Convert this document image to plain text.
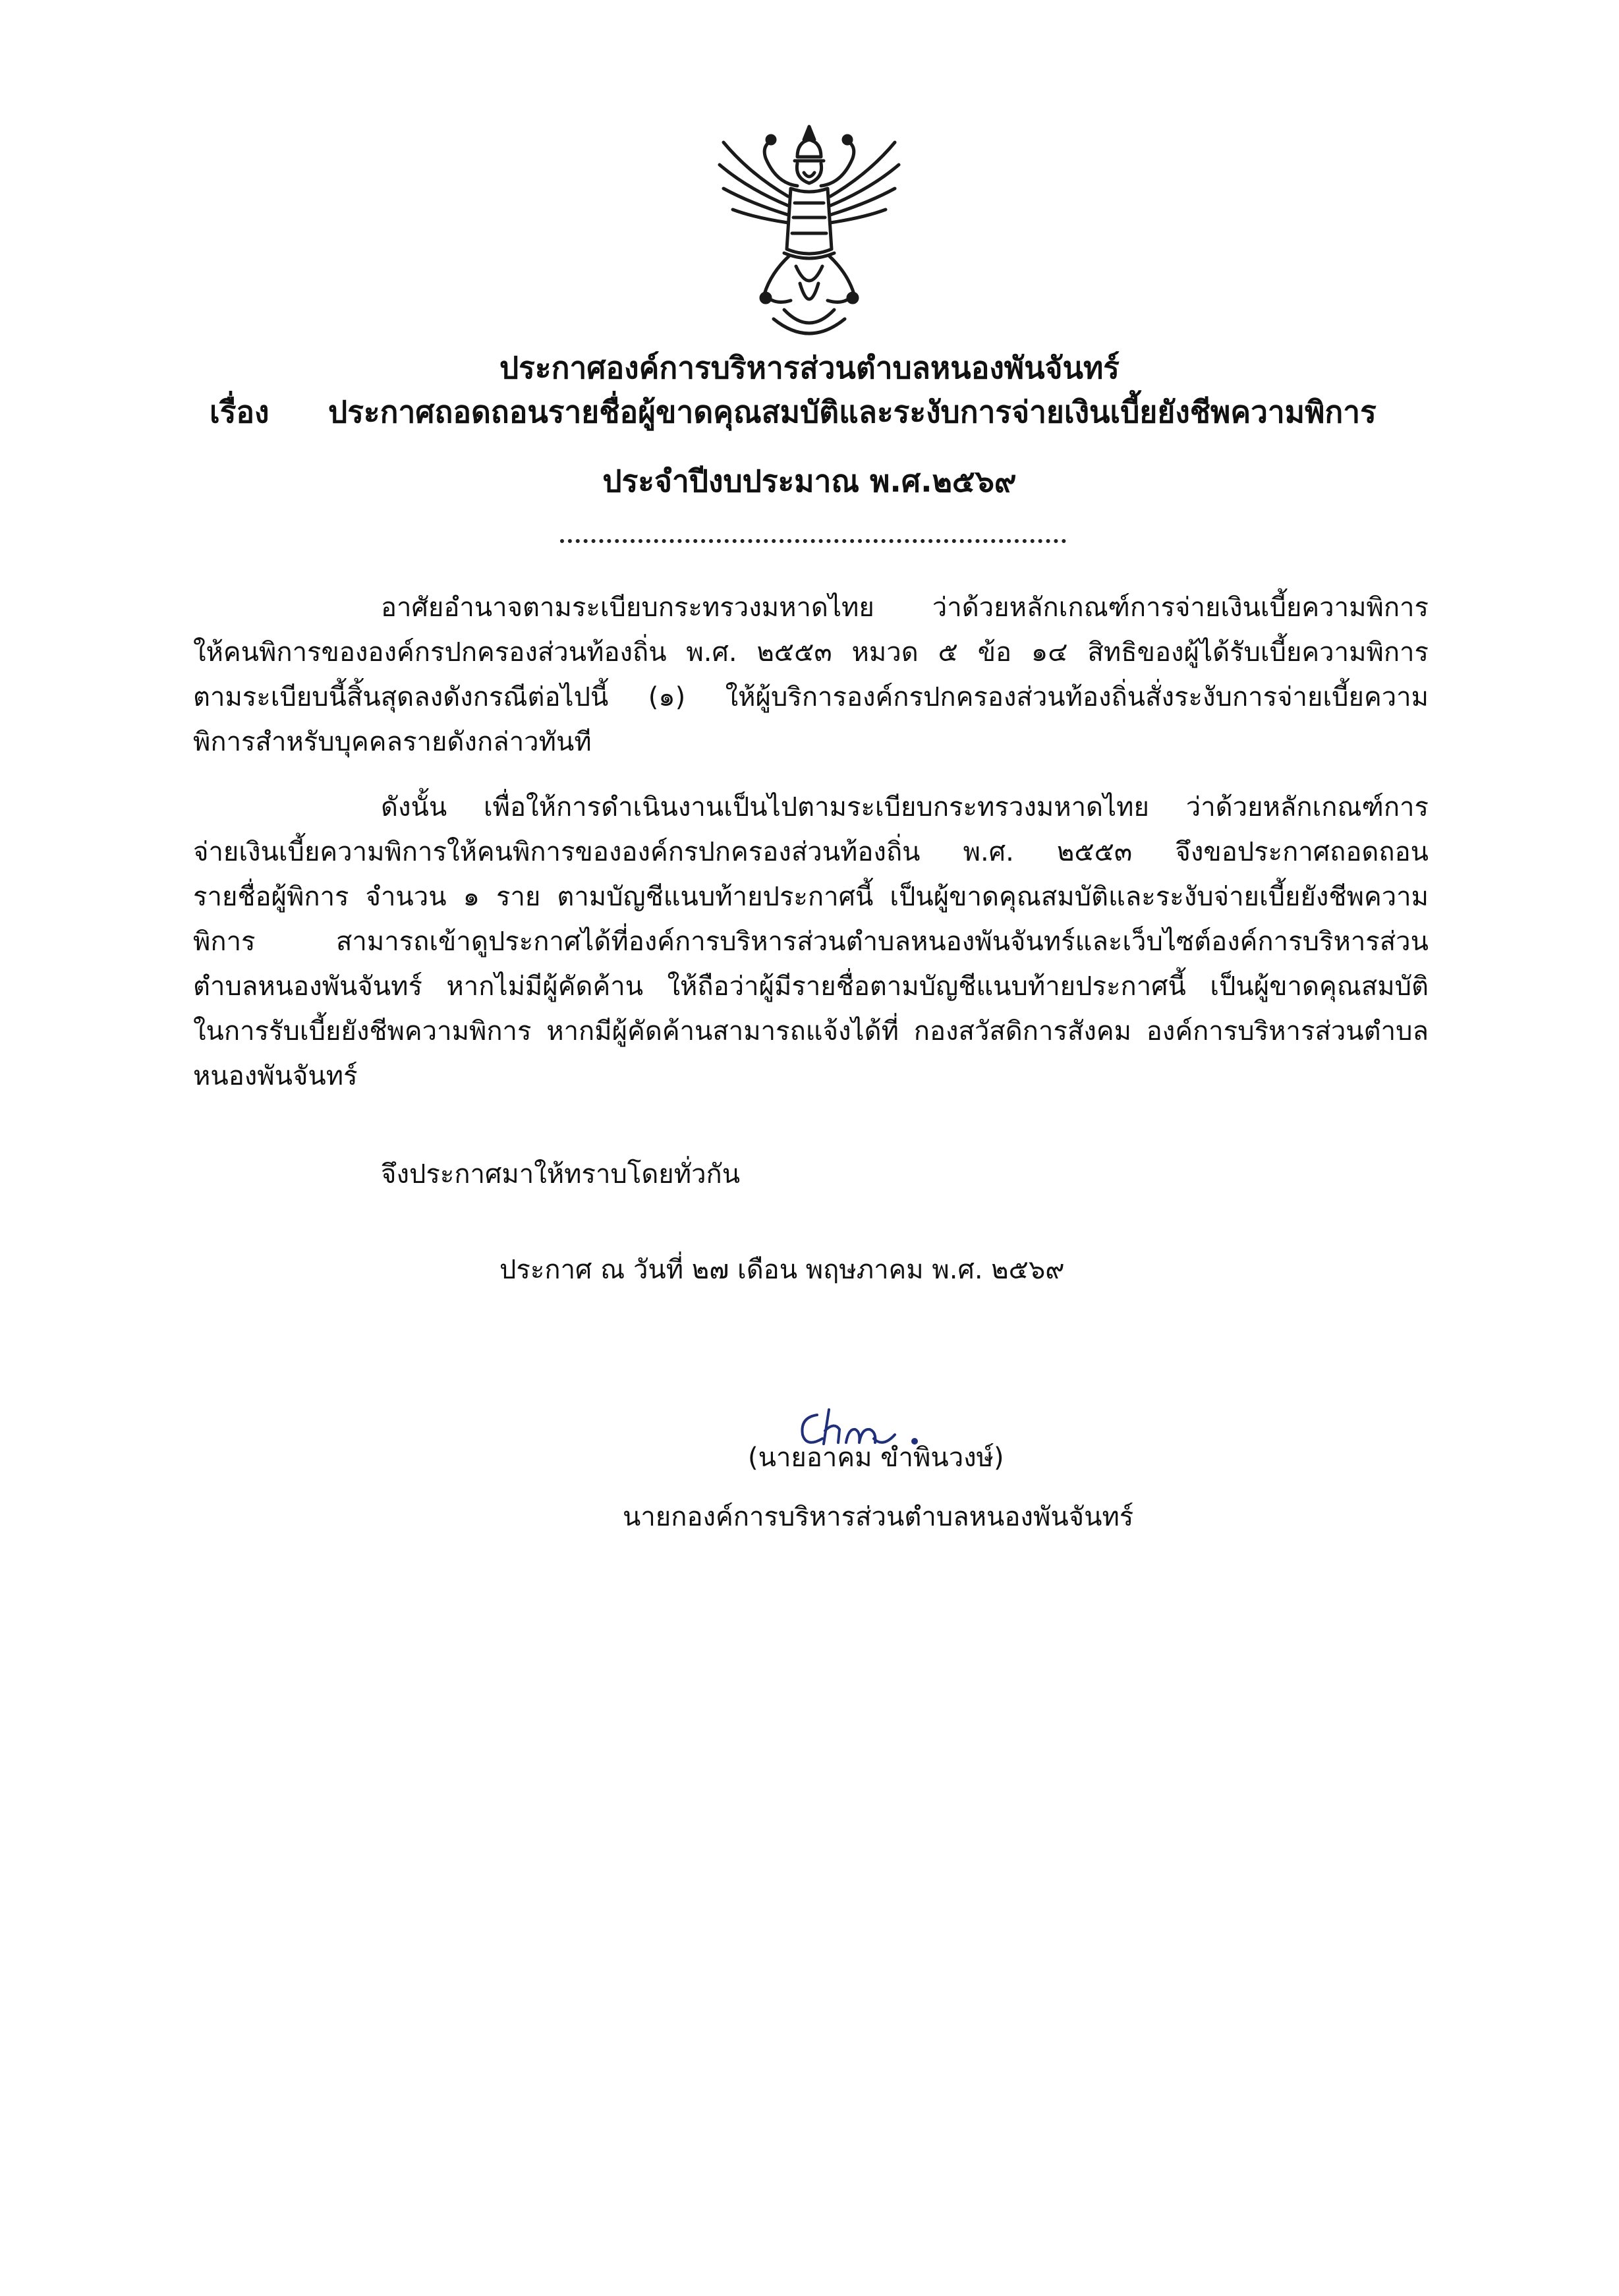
ประกาศองค์การบริหารส่วนตำบลหนองพันจันทร์
เรื่อง ประกาศถอดถอนรายชื่อผู้ขาดคุณสมบัติและระงับการจ่ายเงินเบี้ยยังชีพความพิการ
ประจำปีงบประมาณ พ.ศ.๒๕๖๙
อาศัยอำนาจตามระเบียบกระทรวงมหาดไทย ว่าด้วยหลักเกณฑ์การจ่ายเงินเบี้ยความพิการ
ให้คนพิการขององค์กรปกครองส่วนท้องถิ่น พ.ศ. ๒๕๕๓ หมวด ๕ ข้อ ๑๔ สิทธิของผู้ได้รับเบี้ยความพิการ
ตามระเบียบนี้สิ้นสุดลงดังกรณีต่อไปนี้ (๑) ให้ผู้บริการองค์กรปกครองส่วนท้องถิ่นสั่งระงับการจ่ายเบี้ยความ
พิการสำหรับบุคคลรายดังกล่าวทันที
ดังนั้น เพื่อให้การดำเนินงานเป็นไปตามระเบียบกระทรวงมหาดไทย ว่าด้วยหลักเกณฑ์การ
จ่ายเงินเบี้ยความพิการให้คนพิการขององค์กรปกครองส่วนท้องถิ่น พ.ศ. ๒๕๕๓ จึงขอประกาศถอดถอน
รายชื่อผู้พิการ จำนวน ๑ ราย ตามบัญชีแนบท้ายประกาศนี้ เป็นผู้ขาดคุณสมบัติและระงับจ่ายเบี้ยยังชีพความ
พิการ สามารถเข้าดูประกาศได้ที่องค์การบริหารส่วนตำบลหนองพันจันทร์และเว็บไซต์องค์การบริหารส่วน
ตำบลหนองพันจันทร์ หากไม่มีผู้คัดค้าน ให้ถือว่าผู้มีรายชื่อตามบัญชีแนบท้ายประกาศนี้ เป็นผู้ขาดคุณสมบัติ
ในการรับเบี้ยยังชีพความพิการ หากมีผู้คัดค้านสามารถแจ้งได้ที่ กองสวัสดิการสังคม องค์การบริหารส่วนตำบล
หนองพันจันทร์
จึงประกาศมาให้ทราบโดยทั่วกัน
ประกาศ ณ วันที่ ๒๗ เดือน พฤษภาคม พ.ศ. ๒๕๖๙
(นายอาคม ขำพินวงษ์)
นายกองค์การบริหารส่วนตำบลหนองพันจันทร์
